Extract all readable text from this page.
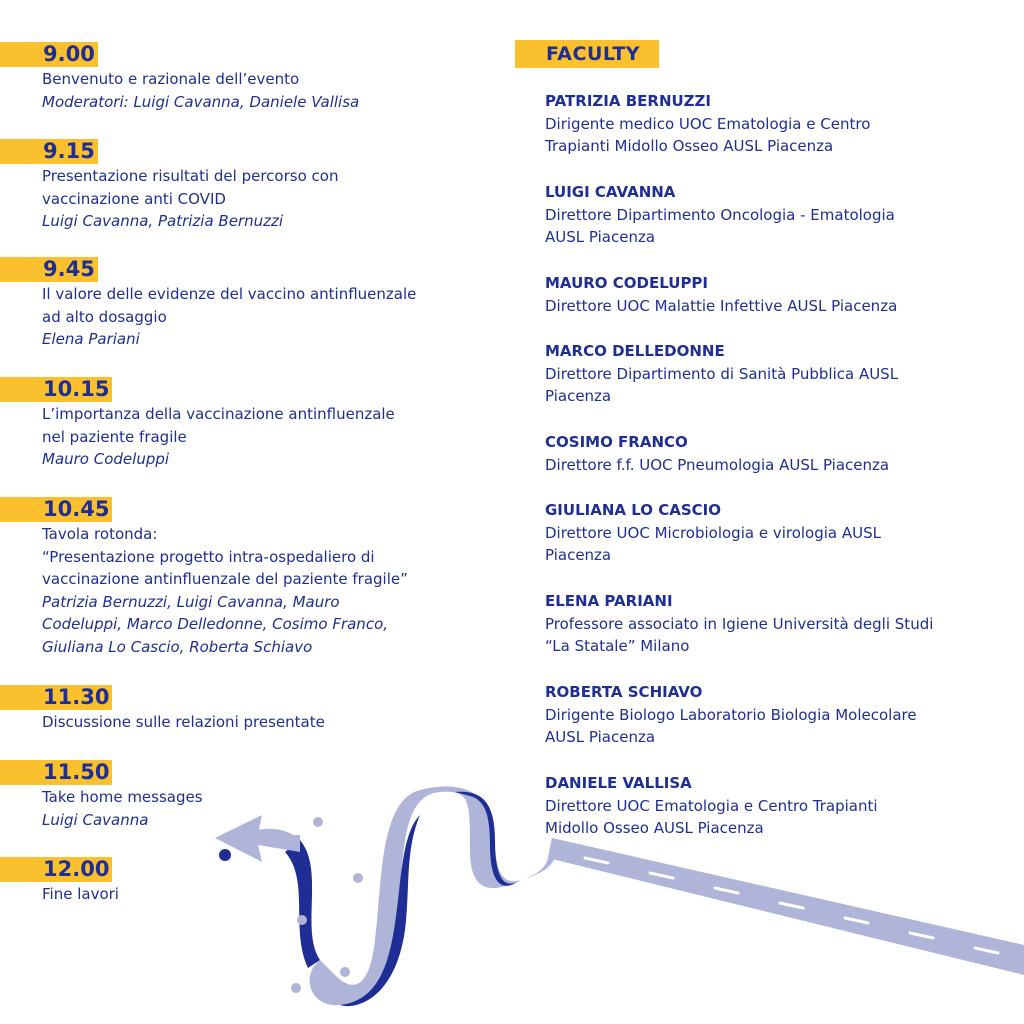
9.00
Benvenuto e razionale dell’evento
Moderatori: Luigi Cavanna, Daniele Vallisa
9.15
Presentazione risultati del percorso con
vaccinazione anti COVID
Luigi Cavanna, Patrizia Bernuzzi
9.45
Il valore delle evidenze del vaccino antinfluenzale
ad alto dosaggio
Elena Pariani
10.15
L’importanza della vaccinazione antinfluenzale
nel paziente fragile
Mauro Codeluppi
10.45
Tavola rotonda:
“Presentazione progetto intra-ospedaliero di
vaccinazione antinfluenzale del paziente fragile”
Patrizia Bernuzzi, Luigi Cavanna, Mauro
Codeluppi, Marco Delledonne, Cosimo Franco,
Giuliana Lo Cascio, Roberta Schiavo
11.30
Discussione sulle relazioni presentate
11.50
Take home messages
Luigi Cavanna
12.00
Fine lavori
FACULTY
PATRIZIA BERNUZZI
Dirigente medico UOC Ematologia e Centro
Trapianti Midollo Osseo AUSL Piacenza
LUIGI CAVANNA
Direttore Dipartimento Oncologia - Ematologia
AUSL Piacenza
MAURO CODELUPPI
Direttore UOC Malattie Infettive AUSL Piacenza
MARCO DELLEDONNE
Direttore Dipartimento di Sanità Pubblica AUSL
Piacenza
COSIMO FRANCO
Direttore f.f. UOC Pneumologia AUSL Piacenza
GIULIANA LO CASCIO
Direttore UOC Microbiologia e virologia AUSL
Piacenza
ELENA PARIANI
Professore associato in Igiene Università degli Studi
“La Statale” Milano
ROBERTA SCHIAVO
Dirigente Biologo Laboratorio Biologia Molecolare
AUSL Piacenza
DANIELE VALLISA
Direttore UOC Ematologia e Centro Trapianti
Midollo Osseo AUSL Piacenza
